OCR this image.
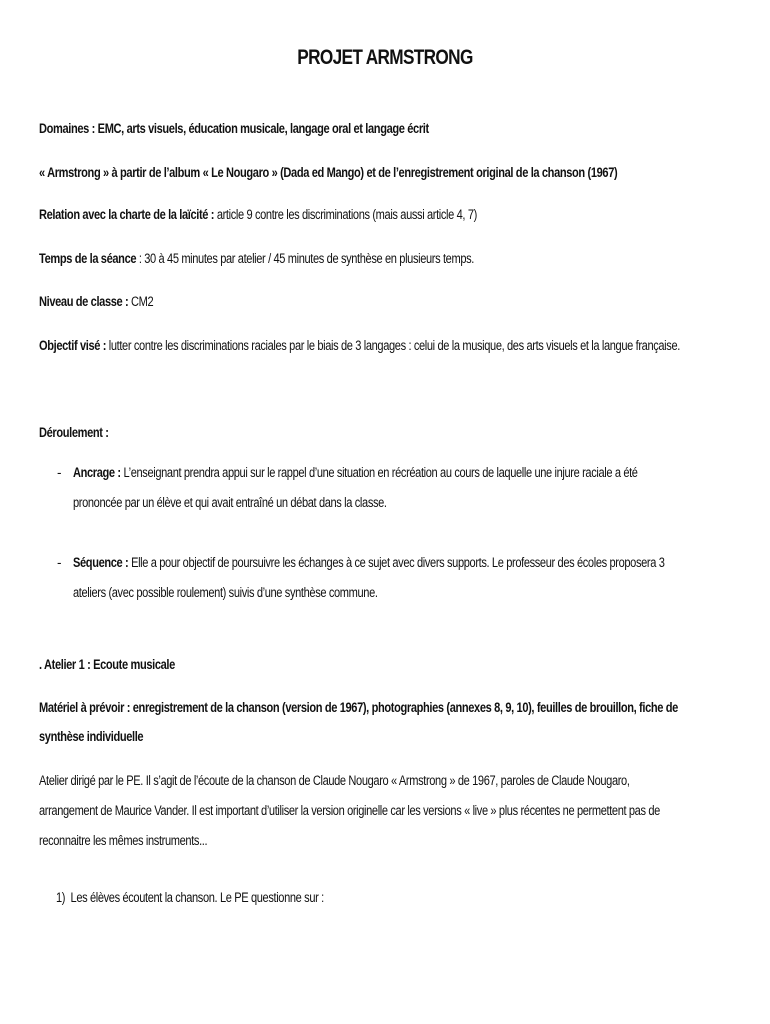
PROJET ARMSTRONG
Domaines : EMC, arts visuels, éducation musicale, langage oral et langage écrit
« Armstrong » à partir de l’album « Le Nougaro » (Dada ed Mango) et de l’enregistrement original de la chanson (1967)
Relation avec la charte de la laïcité : article 9 contre les discriminations (mais aussi article 4, 7)
Temps de la séance : 30 à 45 minutes par atelier / 45 minutes de synthèse en plusieurs temps.
Niveau de classe : CM2
Objectif visé : lutter contre les discriminations raciales par le biais de 3 langages : celui de la musique, des arts visuels et la langue française.
Déroulement :
- Ancrage : L’enseignant prendra appui sur le rappel d’une situation en récréation au cours de laquelle une injure raciale a été
prononcée par un élève et qui avait entraîné un débat dans la classe.
- Séquence : Elle a pour objectif de poursuivre les échanges à ce sujet avec divers supports. Le professeur des écoles proposera 3
ateliers (avec possible roulement) suivis d’une synthèse commune.
. Atelier 1 : Ecoute musicale
Matériel à prévoir : enregistrement de la chanson (version de 1967), photographies (annexes 8, 9, 10), feuilles de brouillon, fiche de
synthèse individuelle
Atelier dirigé par le PE. Il s’agit de l’écoute de la chanson de Claude Nougaro « Armstrong » de 1967, paroles de Claude Nougaro,
arrangement de Maurice Vander. Il est important d’utiliser la version originelle car les versions « live » plus récentes ne permettent pas de
reconnaitre les mêmes instruments...
1) Les élèves écoutent la chanson. Le PE questionne sur :
